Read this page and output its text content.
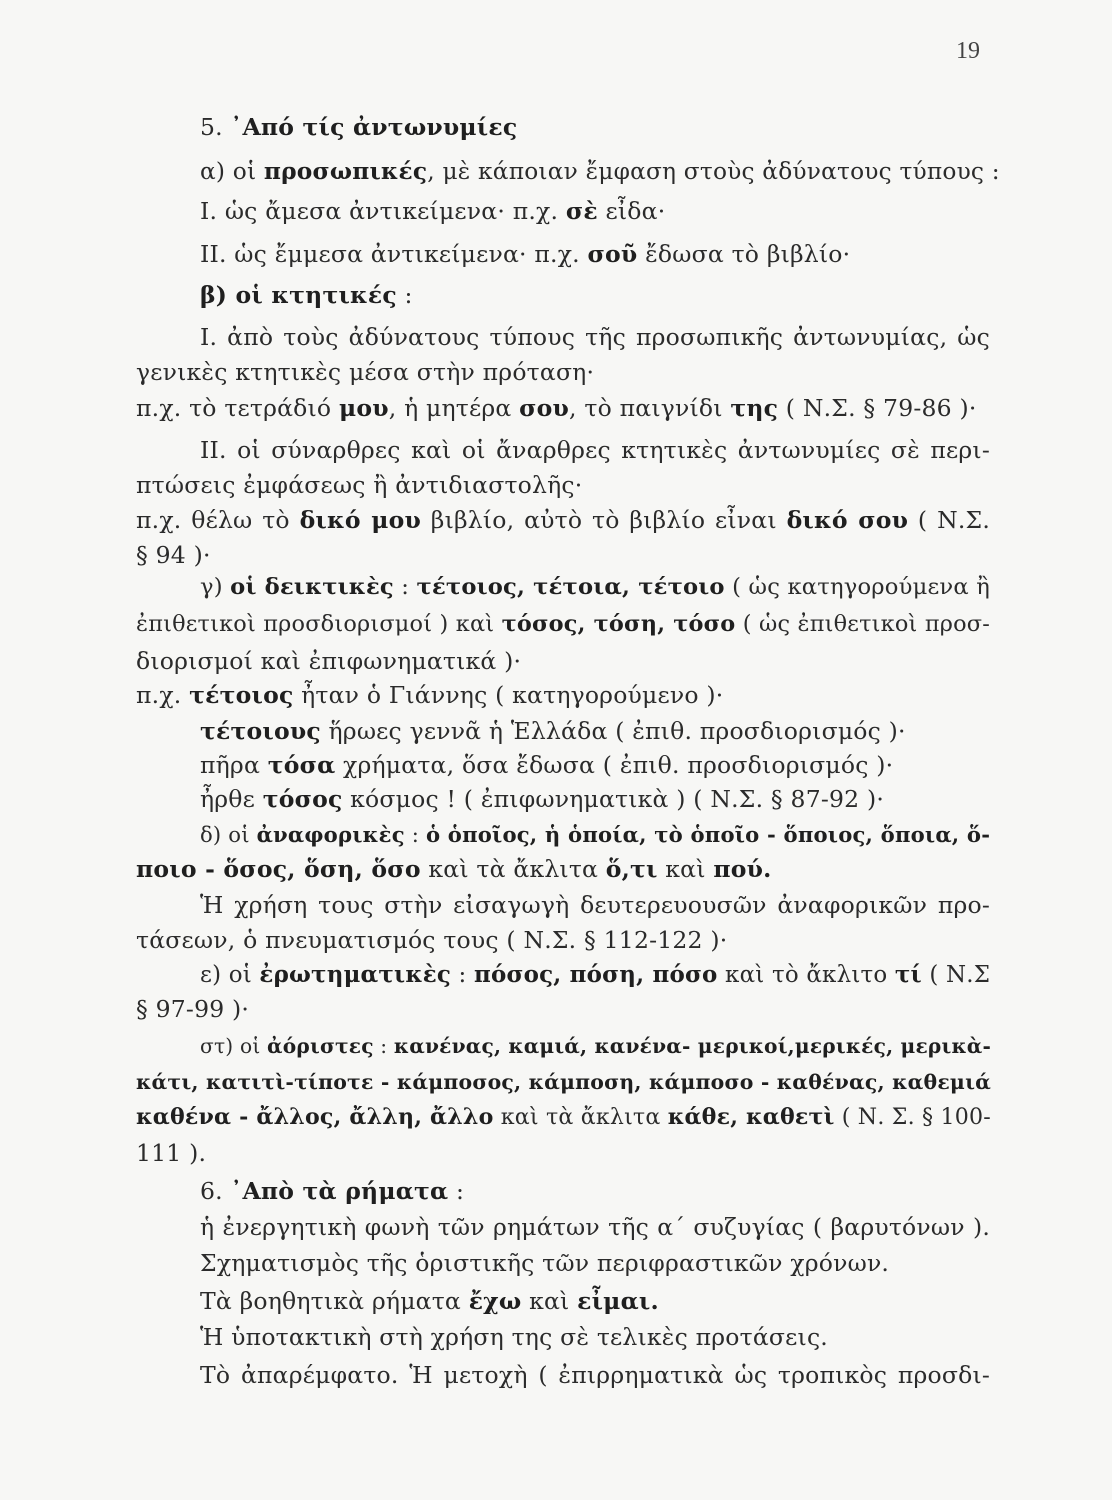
19
5. ᾿Από τίς ἀντωνυμίες
α) οἱ προσωπικές, μὲ κάποιαν ἔμφαση στοὺς ἀδύνατους τύπους :
I. ὡς ἄμεσα ἀντικείμενα· π.χ. σὲ εἶδα·
II. ὡς ἔμμεσα ἀντικείμενα· π.χ. σοῦ ἔδωσα τὸ βιβλίο·
β) οἱ κτητικές :
I. ἀπὸ τοὺς ἀδύνατους τύπους τῆς προσωπικῆς ἀντωνυμίας, ὡς
γενικὲς κτητικὲς μέσα στὴν πρόταση·
π.χ. τὸ τετράδιό μου, ἡ μητέρα σου, τὸ παιγνίδι της ( Ν.Σ. § 79-86 )·
II. οἱ σύναρθρες καὶ οἱ ἄναρθρες κτητικὲς ἀντωνυμίες σὲ περι-
πτώσεις ἐμφάσεως ἢ ἀντιδιαστολῆς·
π.χ. θέλω τὸ δικό μου βιβλίο, αὐτὸ τὸ βιβλίο εἶναι δικό σου ( Ν.Σ.
§ 94 )·
γ) οἱ δεικτικὲς : τέτοιος, τέτοια, τέτοιο ( ὡς κατηγορούμενα ἢ
ἐπιθετικοὶ προσδιορισμοί ) καὶ τόσος, τόση, τόσο ( ὡς ἐπιθετικοὶ προσ-
διορισμοί καὶ ἐπιφωνηματικά )·
π.χ. τέτοιος ἦταν ὁ Γιάννης ( κατηγορούμενο )·
τέτοιους ἥρωες γεννᾶ ἡ Ἑλλάδα ( ἐπιθ. προσδιορισμός )·
πῆρα τόσα χρήματα, ὅσα ἔδωσα ( ἐπιθ. προσδιορισμός )·
ἦρθε τόσος κόσμος ! ( ἐπιφωνηματικὰ ) ( Ν.Σ. § 87-92 )·
δ) οἱ ἀναφορικὲς : ὁ ὁποῖος, ἡ ὁποία, τὸ ὁποῖο - ὅποιος, ὅποια, ὅ-
ποιο - ὅσος, ὅση, ὅσο καὶ τὰ ἄκλιτα ὅ,τι καὶ πού.
Ἡ χρήση τους στὴν εἰσαγωγὴ δευτερευουσῶν ἀναφορικῶν προ-
τάσεων, ὁ πνευματισμός τους ( Ν.Σ. § 112-122 )·
ε) οἱ ἐρωτηματικὲς : πόσος, πόση, πόσο καὶ τὸ ἄκλιτο τί ( Ν.Σ
§ 97-99 )·
στ) οἱ ἀόριστες : κανένας, καμιά, κανένα- μερικοί,μερικές, μερικὰ-
κάτι, κατιτὶ-τίποτε - κάμποσος, κάμποση, κάμποσο - καθένας, καθεμιά
καθένα - ἄλλος, ἄλλη, ἄλλο καὶ τὰ ἄκλιτα κάθε, καθετὶ ( Ν. Σ. § 100-
111 ).
6. ᾿Απὸ τὰ ρήματα :
ἡ ἐνεργητικὴ φωνὴ τῶν ρημάτων τῆς α΄ συζυγίας ( βαρυτόνων ).
Σχηματισμὸς τῆς ὁριστικῆς τῶν περιφραστικῶν χρόνων.
Τὰ βοηθητικὰ ρήματα ἔχω καὶ εἶμαι.
Ἡ ὑποτακτικὴ στὴ χρήση της σὲ τελικὲς προτάσεις.
Τὸ ἀπαρέμφατο. Ἡ μετοχὴ ( ἐπιρρηματικὰ ὡς τροπικὸς προσδι-
